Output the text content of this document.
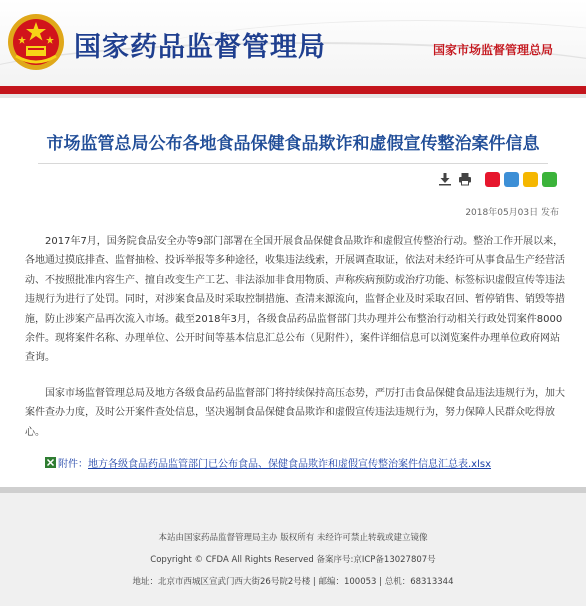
国家药品监督管理局	国家市场监督管理总局
市场监管总局公布各地食品保健食品欺诈和虚假宣传整治案件信息
2018年05月03日 发布

2017年7月，国务院食品安全办等9部门部署在全国开展食品保健食品欺诈和虚假宣传整治行动。整治工作开展以来，各地通过摸底排查、监督抽检、投诉举报等多种途径，收集违法线索，开展调查取证，依法对未经许可从事食品生产经营活动、不按照批准内容生产、擅自改变生产工艺、非法添加非食用物质、声称疾病预防或治疗功能、标签标识虚假宣传等违法违规行为进行了处罚。同时，对涉案食品及时采取控制措施、查清来源流向，监督企业及时采取召回、暂停销售、销毁等措施，防止涉案产品再次流入市场。截至2018年3月，各级食品药品监督部门共办理并公布整治行动相关行政处罚案件8000余件。现将案件名称、办理单位、公开时间等基本信息汇总公布（见附件），案件详细信息可以浏览案件办理单位政府网站查询。

国家市场监督管理总局及地方各级食品药品监督部门将持续保持高压态势，严厉打击食品保健食品违法违规行为，加大案件查办力度，及时公开案件查处信息，坚决遏制食品保健食品欺诈和虚假宣传违法违规行为，努力保障人民群众吃得放心。

附件：地方各级食品药品监管部门已公布食品、保健食品欺诈和虚假宣传整治案件信息汇总表.xlsx
本站由国家药品监督管理局主办 版权所有 未经许可禁止转载或建立镜像
Copyright © CFDA All Rights Reserved 备案序号:京ICP备13027807号
地址：北京市西城区宣武门西大街26号院2号楼 | 邮编：100053 | 总机：68313344
